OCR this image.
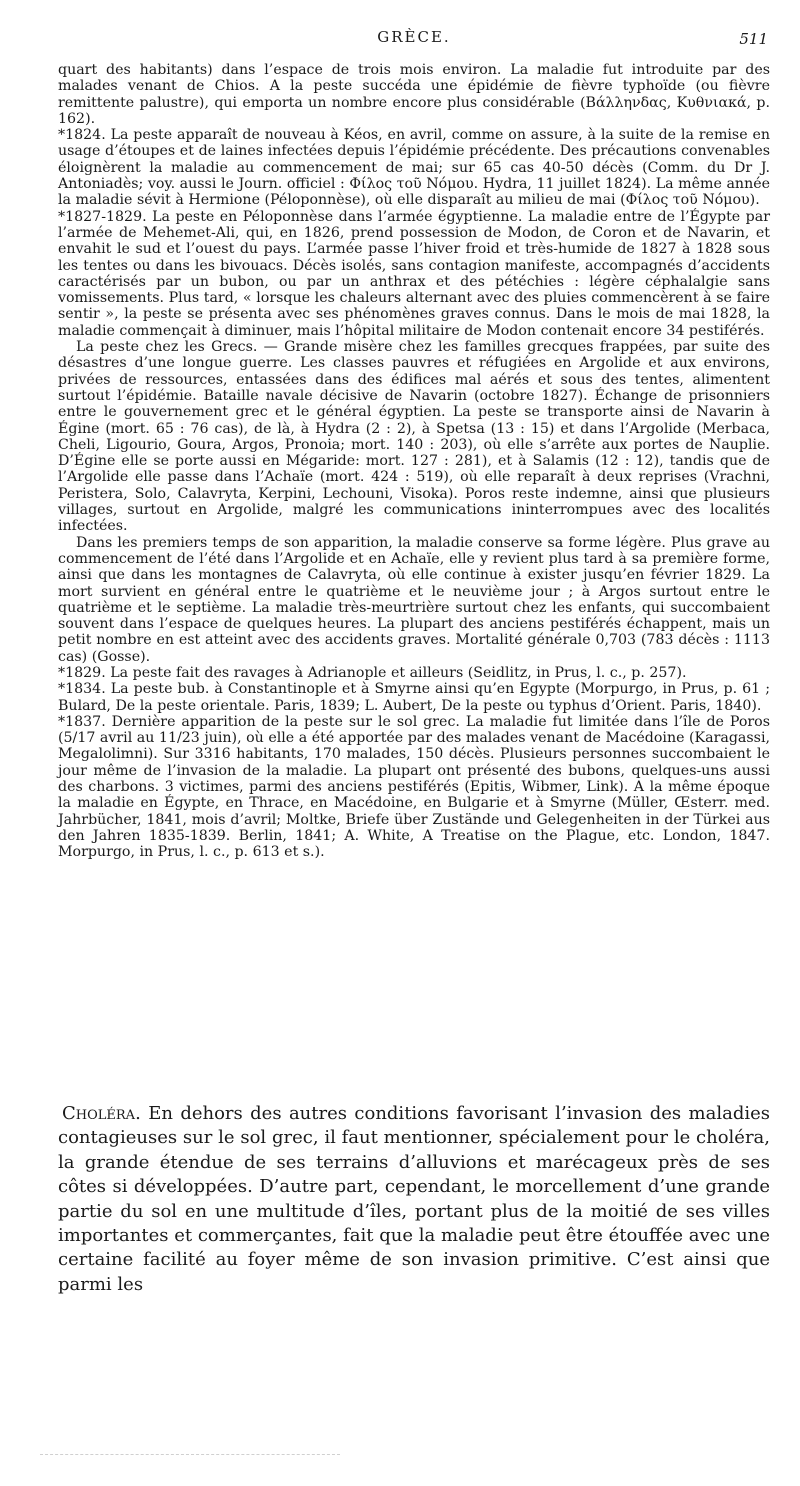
GRÈCE.	511

quart des habitants) dans l’espace de trois mois environ. La maladie fut introduite par des malades venant de Chios. A la peste succéda une épidémie de fièvre typhoïde (ou fièvre remittente palustre), qui emporta un nombre encore plus considérable (Βάλληνδας, Κυθνιακά, p. 162).

*1824. La peste apparaît de nouveau à Kéos, en avril, comme on assure, à la suite de la remise en usage d’étoupes et de laines infectées depuis l’épidémie précédente. Des précautions convenables éloignèrent la maladie au commencement de mai; sur 65 cas 40-50 décès (Comm. du Dr J. Antoniadès; voy. aussi le Journ. officiel : Φίλος τοῦ Νόμου. Hydra, 11 juillet 1824). La même année la maladie sévit à Hermione (Péloponnèse), où elle disparaît au milieu de mai (Φίλος τοῦ Νόμου).

*1827-1829. La peste en Péloponnèse dans l’armée égyptienne. La maladie entre de l’Égypte par l’armée de Mehemet-Ali, qui, en 1826, prend possession de Modon, de Coron et de Navarin, et envahit le sud et l’ouest du pays. L’armée passe l’hiver froid et très-humide de 1827 à 1828 sous les tentes ou dans les bivouacs. Décès isolés, sans contagion manifeste, accompagnés d’accidents caractérisés par un bubon, ou par un anthrax et des pétéchies : légère céphalalgie sans vomissements. Plus tard, « lorsque les chaleurs alternant avec des pluies commencèrent à se faire sentir », la peste se présenta avec ses phénomènes graves connus. Dans le mois de mai 1828, la maladie commençait à diminuer, mais l’hôpital militaire de Modon contenait encore 34 pestiférés.

La peste chez les Grecs. — Grande misère chez les familles grecques frappées, par suite des désastres d’une longue guerre. Les classes pauvres et réfugiées en Argolide et aux environs, privées de ressources, entassées dans des édifices mal aérés et sous des tentes, alimentent surtout l’épidémie. Bataille navale décisive de Navarin (octobre 1827). Échange de prisonniers entre le gouvernement grec et le général égyptien. La peste se transporte ainsi de Navarin à Égine (mort. 65 : 76 cas), de là, à Hydra (2 : 2), à Spetsa (13 : 15) et dans l’Argolide (Merbaca, Cheli, Ligourio, Goura, Argos, Pronoia; mort. 140 : 203), où elle s’arrête aux portes de Nauplie. D’Égine elle se porte aussi en Mégaride: mort. 127 : 281), et à Salamis (12 : 12), tandis que de l’Argolide elle passe dans l’Achaïe (mort. 424 : 519), où elle reparaît à deux reprises (Vrachni, Peristera, Solo, Calavryta, Kerpini, Lechouni, Visoka). Poros reste indemne, ainsi que plusieurs villages, surtout en Argolide, malgré les communications ininterrompues avec des localités infectées.

Dans les premiers temps de son apparition, la maladie conserve sa forme légère. Plus grave au commencement de l’été dans l’Argolide et en Achaïe, elle y revient plus tard à sa première forme, ainsi que dans les montagnes de Calavryta, où elle continue à exister jusqu’en février 1829. La mort survient en général entre le quatrième et le neuvième jour ; à Argos surtout entre le quatrième et le septième. La maladie très-meurtrière surtout chez les enfants, qui succombaient souvent dans l’espace de quelques heures. La plupart des anciens pestiférés échappent, mais un petit nombre en est atteint avec des accidents graves. Mortalité générale 0,703 (783 décès : 1113 cas) (Gosse).

*1829. La peste fait des ravages à Adrianople et ailleurs (Seidlitz, in Prus, l. c., p. 257).

*1834. La peste bub. à Constantinople et à Smyrne ainsi qu’en Egypte (Morpurgo, in Prus, p. 61 ; Bulard, De la peste orientale. Paris, 1839; L. Aubert, De la peste ou typhus d’Orient. Paris, 1840).

*1837. Dernière apparition de la peste sur le sol grec. La maladie fut limitée dans l’île de Poros (5/17 avril au 11/23 juin), où elle a été apportée par des malades venant de Macédoine (Karagassi, Megalolimni). Sur 3316 habitants, 170 malades, 150 décès. Plusieurs personnes succombaient le jour même de l’invasion de la maladie. La plupart ont présenté des bubons, quelques-uns aussi des charbons. 3 victimes, parmi des anciens pestiférés (Epitis, Wibmer, Link). A la même époque la maladie en Égypte, en Thrace, en Macédoine, en Bulgarie et à Smyrne (Müller, Œsterr. med. Jahrbücher, 1841, mois d’avril; Moltke, Briefe über Zustände und Gelegenheiten in der Türkei aus den Jahren 1835-1839. Berlin, 1841; A. White, A Treatise on the Plague, etc. London, 1847. Morpurgo, in Prus, l. c., p. 613 et s.).

Choléra. En dehors des autres conditions favorisant l’invasion des maladies contagieuses sur le sol grec, il faut mentionner, spécialement pour le choléra, la grande étendue de ses terrains d’alluvions et marécageux près de ses côtes si développées. D’autre part, cependant, le morcellement d’une grande partie du sol en une multitude d’îles, portant plus de la moitié de ses villes importantes et commerçantes, fait que la maladie peut être étouffée avec une certaine facilité au foyer même de son invasion primitive. C’est ainsi que parmi les
